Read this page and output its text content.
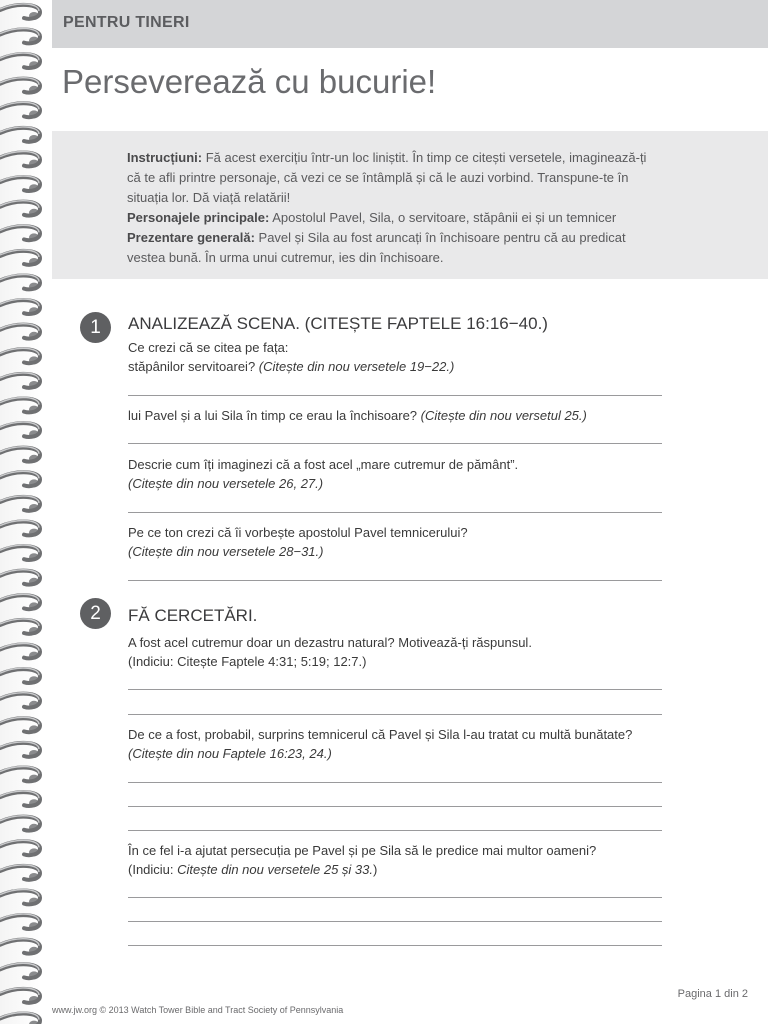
PENTRU TINERI
Perseverează cu bucurie!
Instrucțiuni: Fă acest exercițiu într-un loc liniștit. În timp ce citești versetele, imaginează-ți că te afli printre personaje, că vezi ce se întâmplă și că le auzi vorbind. Transpune-te în situația lor. Dă viață relatării!
Personajele principale: Apostolul Pavel, Sila, o servitoare, stăpânii ei și un temnicer
Prezentare generală: Pavel și Sila au fost aruncați în închisoare pentru că au predicat vestea bună. În urma unui cutremur, ies din închisoare.
1	ANALIZEAZĂ SCENA. (CITEȘTE FAPTELE 16:16−40.)
Ce crezi că se citea pe fața:
stăpânilor servitoarei? (Citește din nou versetele 19−22.)
lui Pavel și a lui Sila în timp ce erau la închisoare? (Citește din nou versetul 25.)
Descrie cum îți imaginezi că a fost acel „mare cutremur de pământ”.
(Citește din nou versetele 26, 27.)
Pe ce ton crezi că îi vorbește apostolul Pavel temnicerului?
(Citește din nou versetele 28−31.)
2	FĂ CERCETĂRI.
A fost acel cutremur doar un dezastru natural? Motivează-ți răspunsul.
(Indiciu: Citește Faptele 4:31; 5:19; 12:7.)
De ce a fost, probabil, surprins temnicerul că Pavel și Sila l-au tratat cu multă bunătate? (Citește din nou Faptele 16:23, 24.)
În ce fel i-a ajutat persecuția pe Pavel și pe Sila să le predice mai multor oameni?
(Indiciu: Citește din nou versetele 25 și 33.)
Pagina 1 din 2
www.jw.org © 2013 Watch Tower Bible and Tract Society of Pennsylvania
